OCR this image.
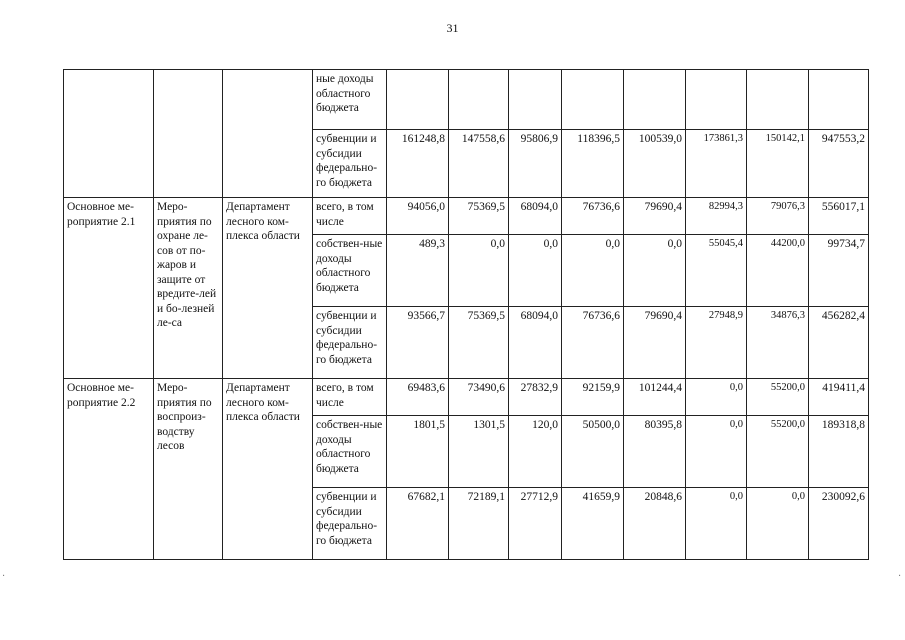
31
			ные доходы областного бюджета								
			субвенции и субсидии федерально-го бюджета	161248,8	147558,6	95806,9	118396,5	100539,0	173861,3	150142,1	947553,2
Основное ме-роприятие 2.1	Меро-приятия по охране ле-сов от по-жаров и защите от вредите-лей и бо-лезней ле-са	Департамент лесного ком-плекса области	всего, в том числе	94056,0	75369,5	68094,0	76736,6	79690,4	82994,3	79076,3	556017,1
			собствен-ные доходы областного бюджета	489,3	0,0	0,0	0,0	0,0	55045,4	44200,0	99734,7
			субвенции и субсидии федерально-го бюджета	93566,7	75369,5	68094,0	76736,6	79690,4	27948,9	34876,3	456282,4
Основное ме-роприятие 2.2	Меро-приятия по воспроиз-водству лесов	Департамент лесного ком-плекса области	всего, в том числе	69483,6	73490,6	27832,9	92159,9	101244,4	0,0	55200,0	419411,4
			собствен-ные доходы областного бюджета	1801,5	1301,5	120,0	50500,0	80395,8	0,0	55200,0	189318,8
			субвенции и субсидии федерально-го бюджета	67682,1	72189,1	27712,9	41659,9	20848,6	0,0	0,0	230092,6
.	.
